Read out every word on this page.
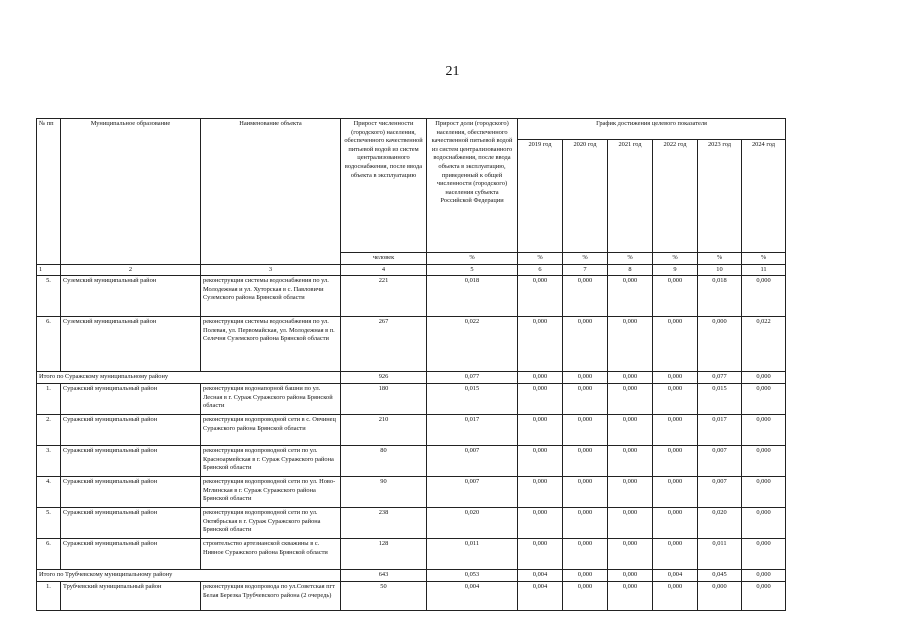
21
№ пп	Муниципальное образование	Наименование объекта	Прирост численности (городского) населения, обеспеченного качественной питьевой водой из систем централизованного водоснабжения, после ввода объекта в эксплуатацию	Прирост доли (городского) населения, обеспеченного качественной питьевой водой из систем централизованного водоснабжения, после ввода объекта в эксплуатацию, приведенный к общей численности (городского) населения субъекта Российской Федерации	График достижения целевого показателя					
					2019 год	2020 год	2021 год	2022 год	2023 год	2024 год
			человек	%	%	%	%	%	%	%
1	2	3	4	5	6	7	8	9	10	11
5.	Суземский муниципальный район	реконструкция системы водоснабжения по ул. Молодежная и ул. Хуторская в с. Павловичи Суземского района Брянской области	221	0,018	0,000	0,000	0,000	0,000	0,018	0,000
6.	Суземский муниципальный район	реконструкция системы водоснабжения по ул. Полевая, ул. Первомайская, ул. Молодежная в п. Селечня Суземского района Брянской области	267	0,022	0,000	0,000	0,000	0,000	0,000	0,022
Итого по Суражскому муниципальному району			926	0,077	0,000	0,000	0,000	0,000	0,077	0,000
1.	Суражский муниципальный район	реконструкция водонапорной башни по ул. Лесная в г. Сураж Суражского района Брянской области	180	0,015	0,000	0,000	0,000	0,000	0,015	0,000
2.	Суражский муниципальный район	реконструкция водопроводной сети в с. Овчинец Суражского района Брянской области	210	0,017	0,000	0,000	0,000	0,000	0,017	0,000
3.	Суражский муниципальный район	реконструкция водопроводной сети по ул. Красноармейская в г. Сураж Суражского района Брянской области	80	0,007	0,000	0,000	0,000	0,000	0,007	0,000
4.	Суражский муниципальный район	реконструкция водопроводной сети по ул. Ново-Мглинская в г. Сураж Суражского района Брянской области	90	0,007	0,000	0,000	0,000	0,000	0,007	0,000
5.	Суражский муниципальный район	реконструкция водопроводной сети по ул. Октябрьская в г. Сураж Суражского района Брянской области	238	0,020	0,000	0,000	0,000	0,000	0,020	0,000
6.	Суражский муниципальный район	строительство артезианской скважины в с. Нивное Суражского района Брянской области	128	0,011	0,000	0,000	0,000	0,000	0,011	0,000
Итого по Трубчевскому муниципальному району			643	0,053	0,004	0,000	0,000	0,004	0,045	0,000
1.	Трубчевский муниципальный район	реконструкция водопровода по ул.Советская пгт Белая Березка Трубчевского района (2 очередь)	50	0,004	0,004	0,000	0,000	0,000	0,000	0,000
